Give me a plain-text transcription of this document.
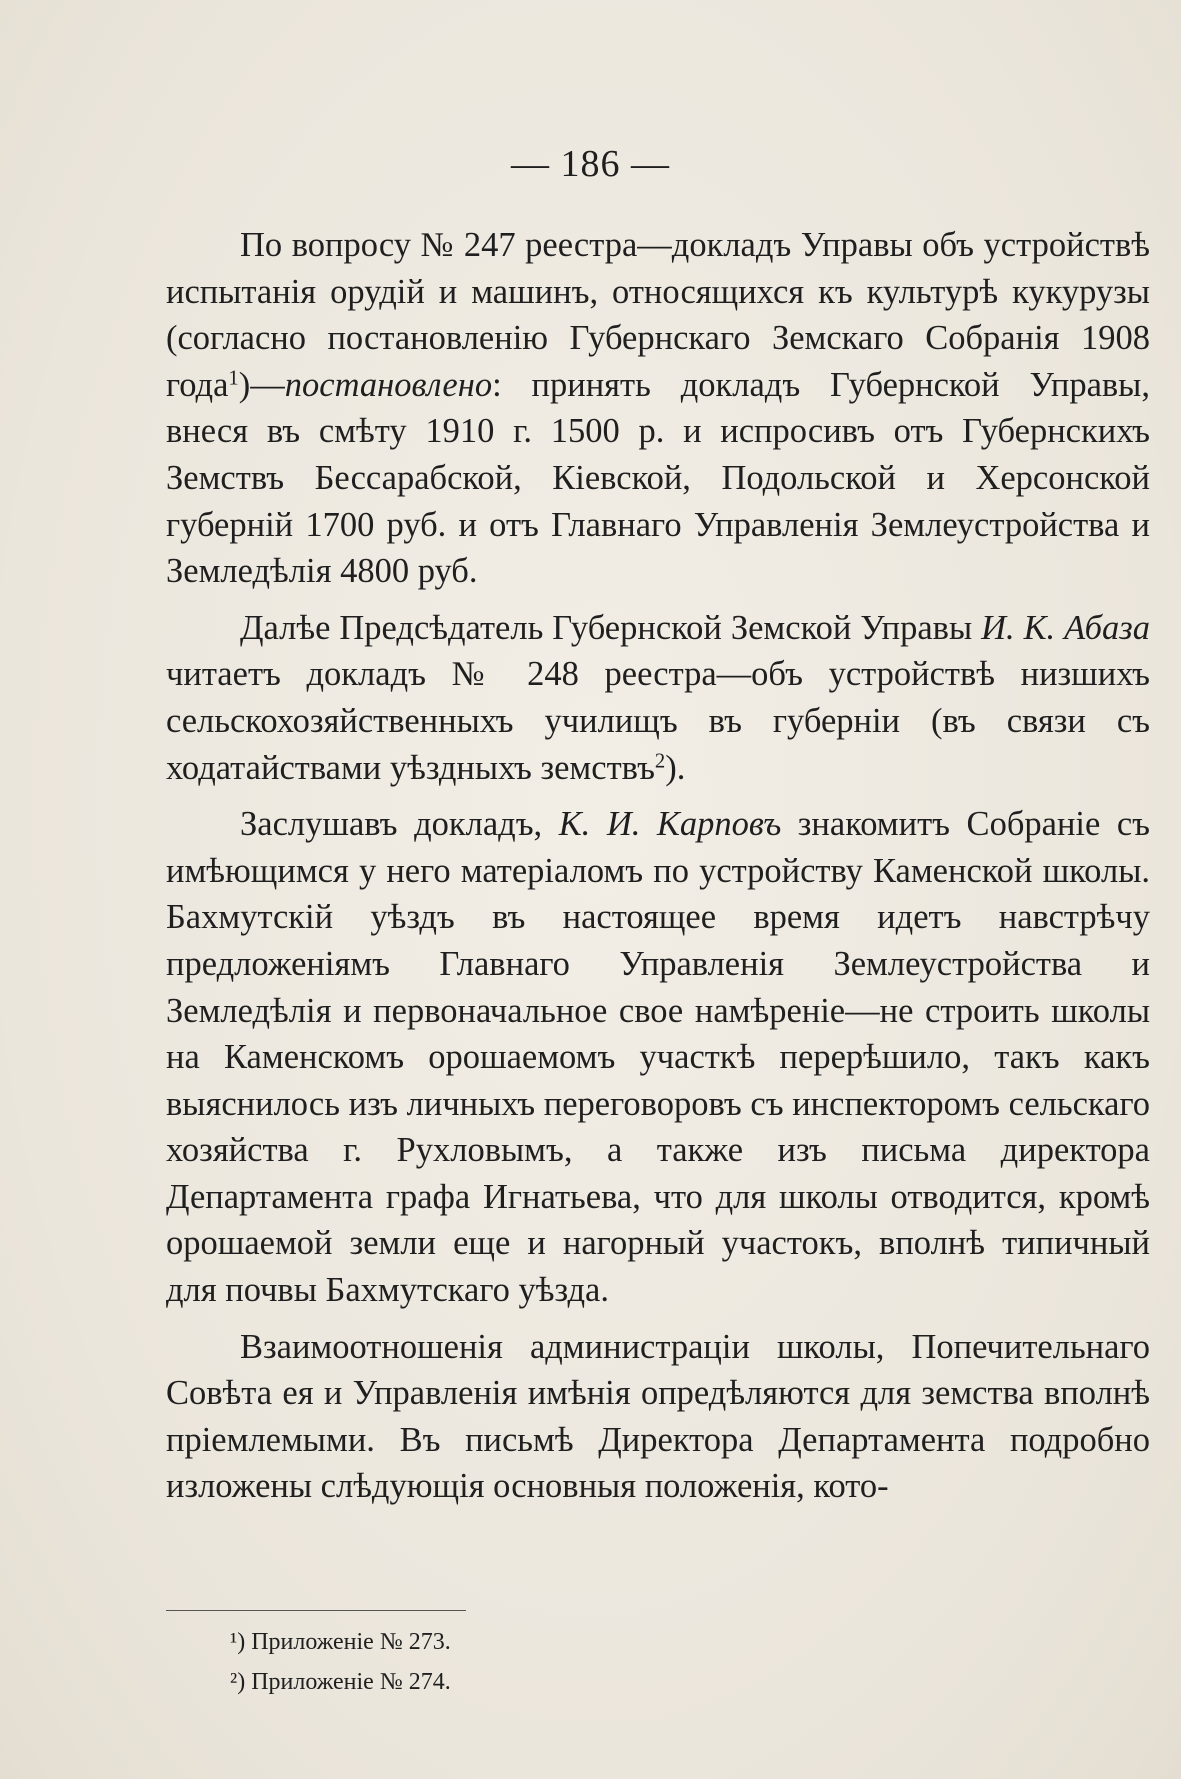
— 186 —

По вопросу № 247 реестра—докладъ Управы объ устройствѣ испытанія орудій и машинъ, относящихся къ культурѣ кукурузы (согласно постановленію Губернскаго Земскаго Собранія 1908 года$^1$)—постановлено: принять докладъ Губернской Управы, внеся въ смѣту 1910 г. 1500 р. и испросивъ отъ Губернскихъ Земствъ Бессарабской, Кіевской, Подольской и Херсонской губерній 1700 руб. и отъ Главнаго Управленія Землеустройства и Земледѣлія 4800 руб.

Далѣе Предсѣдатель Губернской Земской Управы И. К. Абаза читаетъ докладъ № 248 реестра—объ устройствѣ низшихъ сельскохозяйственныхъ училищъ въ губерніи (въ связи съ ходатайствами уѣздныхъ земствъ$^2$).

Заслушавъ докладъ, К. И. Карповъ знакомитъ Собраніе съ имѣющимся у него матеріаломъ по устройству Каменской школы. Бахмутскій уѣздъ въ настоящее время идетъ навстрѣчу предложеніямъ Главнаго Управленія Землеустройства и Земледѣлія и первоначальное свое намѣреніе—не строить школы на Каменскомъ орошаемомъ участкѣ перерѣшило, такъ какъ выяснилось изъ личныхъ переговоровъ съ инспекторомъ сельскаго хозяйства г. Рухловымъ, а также изъ письма директора Департамента графа Игнатьева, что для школы отводится, кромѣ орошаемой земли еще и нагорный участокъ, вполнѣ типичный для почвы Бахмутскаго уѣзда.

Взаимоотношенія администраціи школы, Попечительнаго Совѣта ея и Управленія имѣнія опредѣляются для земства вполнѣ пріемлемыми. Въ письмѣ Директора Департамента подробно изложены слѣдующія основныя положенія, кото-

¹) Приложеніе № 273.
²) Приложеніе № 274.
